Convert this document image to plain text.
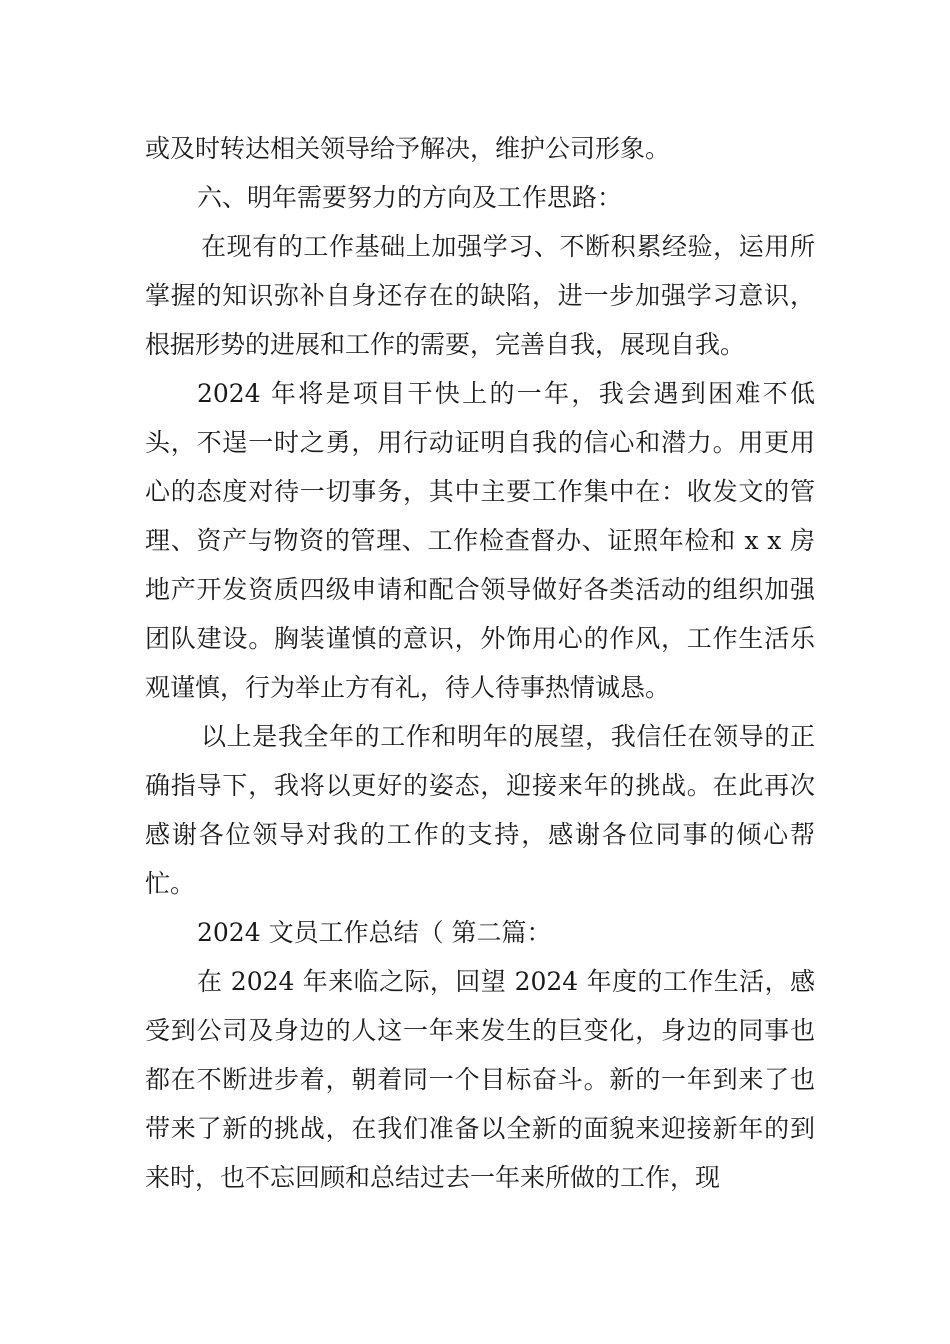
或及时转达相关领导给予解决，维护公司形象。

六、明年需要努力的方向及工作思路：

在现有的工作基础上加强学习、不断积累经验，运用所掌握的知识弥补自身还存在的缺陷，进一步加强学习意识，根据形势的进展和工作的需要，完善自我，展现自我。

2024 年将是项目干快上的一年，我会遇到困难不低头，不逞一时之勇，用行动证明自我的信心和潜力。用更用心的态度对待一切事务，其中主要工作集中在：收发文的管理、资产与物资的管理、工作检查督办、证照年检和 x x 房地产开发资质四级申请和配合领导做好各类活动的组织加强团队建设。胸装谨慎的意识，外饰用心的作风，工作生活乐观谨慎，行为举止方有礼，待人待事热情诚恳。

以上是我全年的工作和明年的展望，我信任在领导的正确指导下，我将以更好的姿态，迎接来年的挑战。在此再次感谢各位领导对我的工作的支持，感谢各位同事的倾心帮忙。

2024 文员工作总结（ 第二篇：

在 2024 年来临之际，回望 2024 年度的工作生活，感受到公司及身边的人这一年来发生的巨变化，身边的同事也都在不断进步着，朝着同一个目标奋斗。新的一年到来了也带来了新的挑战，在我们准备以全新的面貌来迎接新年的到来时，也不忘回顾和总结过去一年来所做的工作，现
